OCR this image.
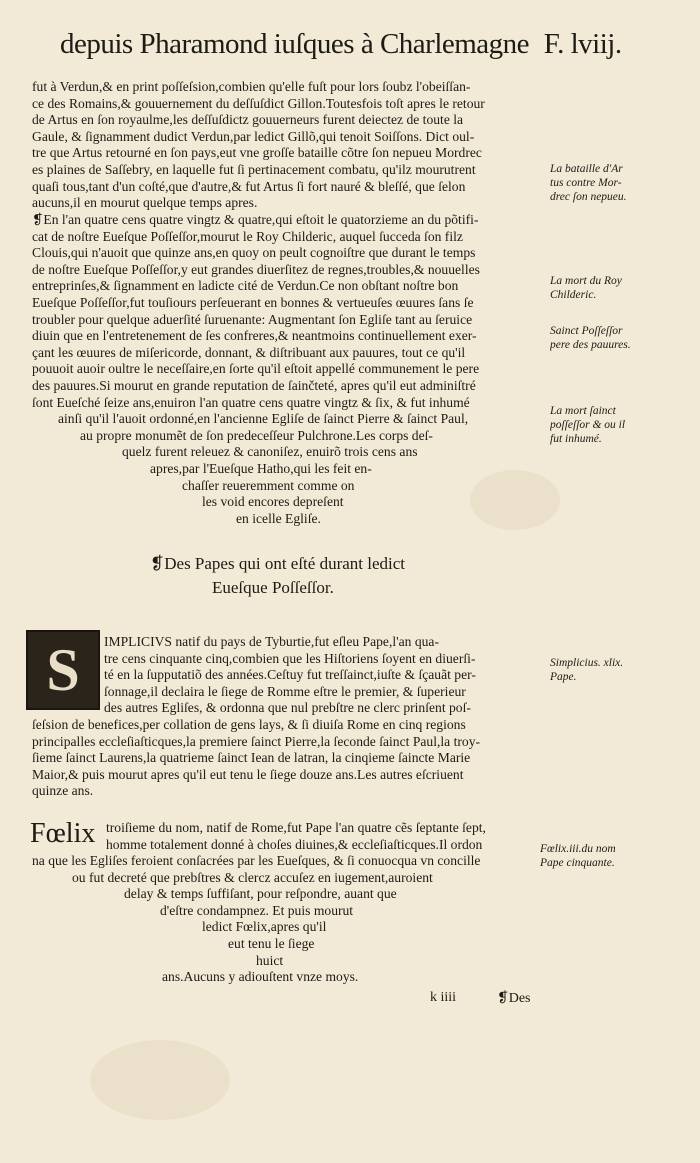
depuis Pharamond iuſques à Charlemagne F. lviij.
fut à Verdun,& en print poſſeſsion,combien qu'elle fuſt pour lors ſoubz l'obeiſſan-
ce des Romains,& gouuernement du deſſuſdict Gillon.Toutesfois toſt apres le retour
de Artus en ſon royaulme,les deſſuſdictz gouuerneurs furent deiectez de toute la
Gaule, & ſignamment dudict Verdun,par ledict Gillõ,qui tenoit Soiſſons. Dict oul-
tre que Artus retourné en ſon pays,eut vne groſſe bataille cõtre ſon nepueu Mordrec
es plaines de Saſſebry, en laquelle fut ſi pertinacement combatu, qu'ilz mourutrent
quaſi tous,tant d'un coſté,que d'autre,& fut Artus ſi fort nauré & bleſſé, que ſelon
aucuns,il en mourut quelque temps apres.
❡En l'an quatre cens quatre vingtz & quatre,qui eſtoit le quatorzieme an du põtifi-
cat de noſtre Eueſque Poſſeſſor,mourut le Roy Childeric, auquel ſucceda ſon filz
Clouis,qui n'auoit que quinze ans,en quoy on peult cognoiſtre que durant le temps
de noſtre Eueſque Poſſeſſor,y eut grandes diuerſitez de regnes,troubles,& nouuelles
entreprinſes,& ſignamment en ladicte cité de Verdun.Ce non obſtant noſtre bon
Eueſque Poſſeſſor,fut touſiours perſeuerant en bonnes & vertueuſes œuures ſans ſe
troubler pour quelque aduerſité ſuruenante: Augmentant ſon Egliſe tant au ſeruice
diuin que en l'entretenement de ſes confreres,& neantmoins continuellement exer-
çant les œuures de miſericorde, donnant, & diſtribuant aux pauures, tout ce qu'il
pouuoit auoir oultre le neceſſaire,en ſorte qu'il eſtoit appellé communement le pere
des pauures.Si mourut en grande reputation de ſainčteté, apres qu'il eut adminiſtré
ſont Eueſché ſeize ans,enuiron l'an quatre cens quatre vingtz & ſix, & fut inhumé
ainſi qu'il l'auoit ordonné,en l'ancienne Egliſe de ſainct Pierre & ſainct Paul,
au propre monumẽt de ſon predeceſſeur Pulchrone.Les corps deſ-
quelz furent releuez & canoniſez, enuirõ trois cens ans
apres,par l'Eueſque Hatho,qui les feit en-
chaſſer reueremment comme on
les void encores depreſent
en icelle Egliſe.
❡Des Papes qui ont eſté durant ledict
Eueſque Poſſeſſor.
S	IMPLICIVS natif du pays de Tyburtie,fut eſleu Pape,l'an qua-
tre cens cinquante cinq,combien que les Hiſtoriens ſoyent en diuerſi-
té en la ſupputatiõ des années.Ceſtuy fut treſſainct,iuſte & ſçauãt per-
ſonnage,il declaira le ſiege de Romme eſtre le premier, & ſuperieur
des autres Egliſes, & ordonna que nul prebſtre ne clerc prinſent poſ-
ſeſsion de benefices,per collation de gens lays, & ſi diuiſa Rome en cinq regions
principalles eccleſiaſticques,la premiere ſainct Pierre,la ſeconde ſainct Paul,la troy-
ſieme ſainct Laurens,la quatrieme ſainct Iean de latran, la cinqieme ſaincte Marie
Maior,& puis mourut apres qu'il eut tenu le ſiege douze ans.Les autres eſcriuent
quinze ans.
Fœlix troiſieme du nom, natif de Rome,fut Pape l'an quatre cẽs ſeptante ſept,
homme totalement donné à choſes diuines,& eccleſiaſticques.Il ordon
na que les Egliſes feroient conſacrées par les Eueſques, & ſi conuocqua vn concille
ou fut decreté que prebſtres & clercz accuſez en iugement,auroient
delay & temps ſuffiſant, pour reſpondre, auant que
d'eſtre condampnez. Et puis mourut
ledict Fœlix,apres qu'il
eut tenu le ſiege
huict
ans.Aucuns y adiouſtent vnze moys.
La bataille d'Ar
tus contre Mor-
drec ſon nepueu.
La mort du Roy
Childeric.
Sainct Poſſeſſor
pere des pauures.
La mort ſainct
poſſeſſor & ou il
fut inhumé.
Simplicius. xlix.
Pape.
Fœlix.iii.du nom
Pape cinquante.
k iiii	❡Des
